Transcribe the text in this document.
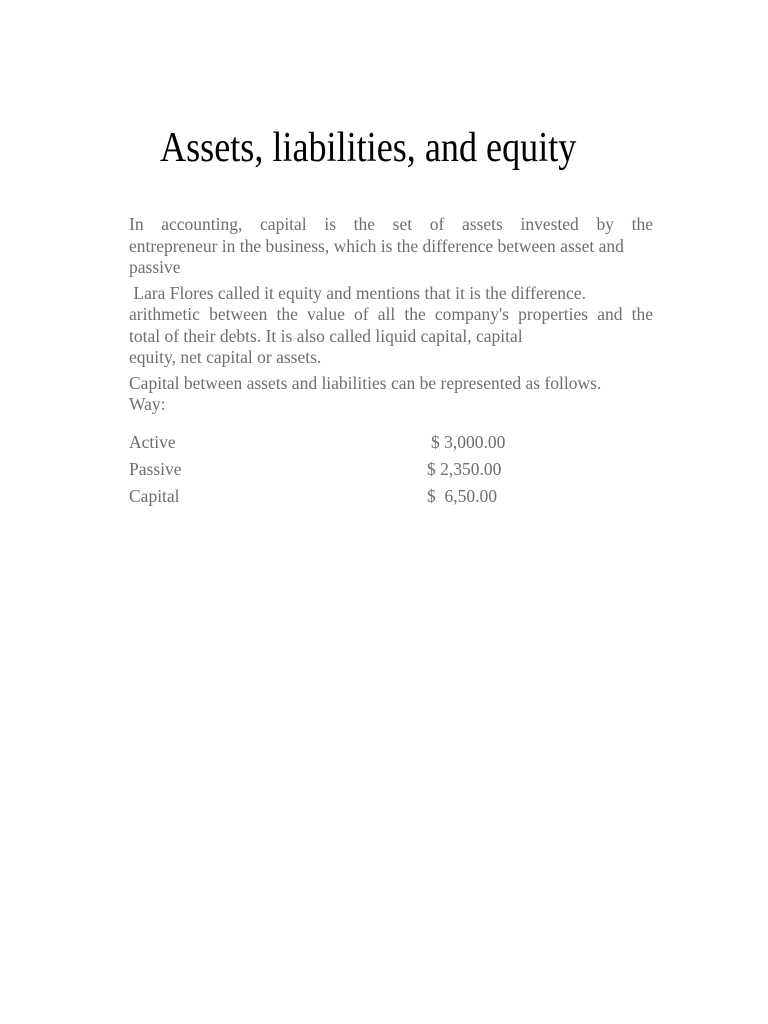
Assets, liabilities, and equity

In accounting, capital is the set of assets invested by the
entrepreneur in the business, which is the difference between asset and
passive

Lara Flores called it equity and mentions that it is the difference.
arithmetic between the value of all the company's properties and the
total of their debts. It is also called liquid capital, capital
equity, net capital or assets.

Capital between assets and liabilities can be represented as follows.
Way:

Active	$ 3,000.00
Passive	$ 2,350.00
Capital	$  6,50.00
